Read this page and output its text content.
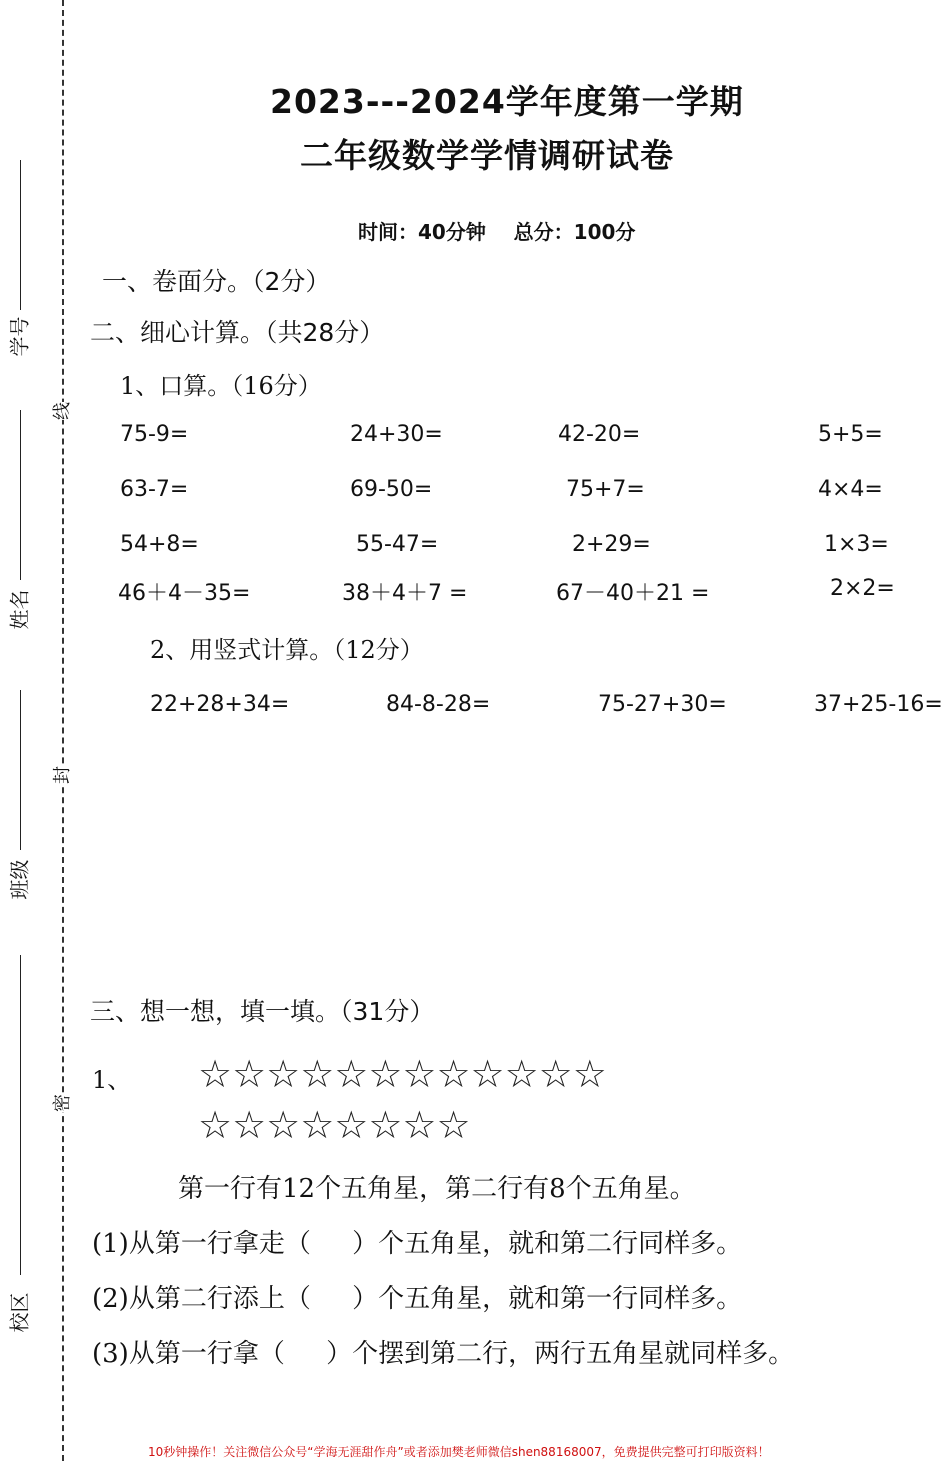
学号
姓名
班级
校区
线
封
密
2023---2024学年度第一学期
二年级数学学情调研试卷
时间：40分钟    总分：100分
一、卷面分。（2分）
二、细心计算。（共28分）
1、口算。（16分）
75-9=	24+30=	42-20=	5+5=
63-7=	69-50=	75+7=	4×4=
54+8=	55-47=	2+29=	1×3=
46＋4－35=	38＋4＋7 =	67－40＋21 =	2×2=
2、用竖式计算。（12分）
22+28+34=	84-8-28=	75-27+30=	37+25-16=
三、想一想，填一填。（31分）
1、 ☆☆☆☆☆☆☆☆☆☆☆☆
☆☆☆☆☆☆☆☆
第一行有12个五角星，第二行有8个五角星。
(1)从第一行拿走（     ）个五角星，就和第二行同样多。
(2)从第二行添上（     ）个五角星，就和第一行同样多。
(3)从第一行拿（     ）个摆到第二行，两行五角星就同样多。
10秒钟操作！关注微信公众号“学海无涯甜作舟”或者添加樊老师微信shen88168007，免费提供完整可打印版资料！
